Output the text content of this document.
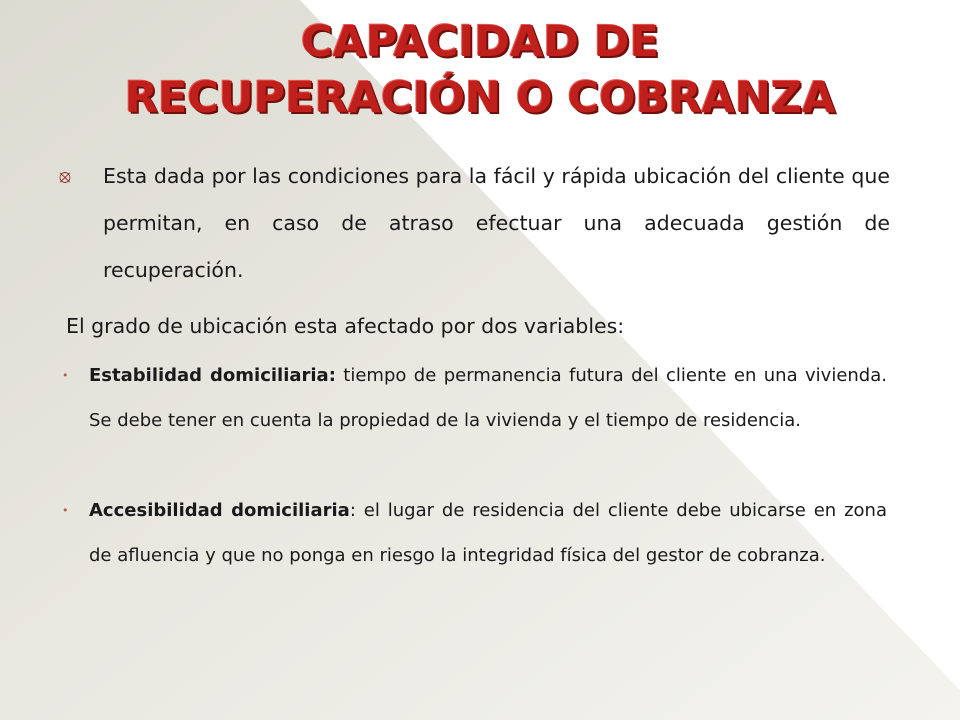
CAPACIDAD DE
RECUPERACIÓN O COBRANZA
⦻	Esta dada por las condiciones para la fácil y rápida ubicación del cliente que permitan, en caso de atraso efectuar una adecuada gestión de recuperación.
El grado de ubicación esta afectado por dos variables:
• Estabilidad domiciliaria: tiempo de permanencia futura del cliente en una vivienda. Se debe tener en cuenta la propiedad de la vivienda y el tiempo de residencia.
• Accesibilidad domiciliaria: el lugar de residencia del cliente debe ubicarse en zona de afluencia y que no ponga en riesgo la integridad física del gestor de cobranza.
